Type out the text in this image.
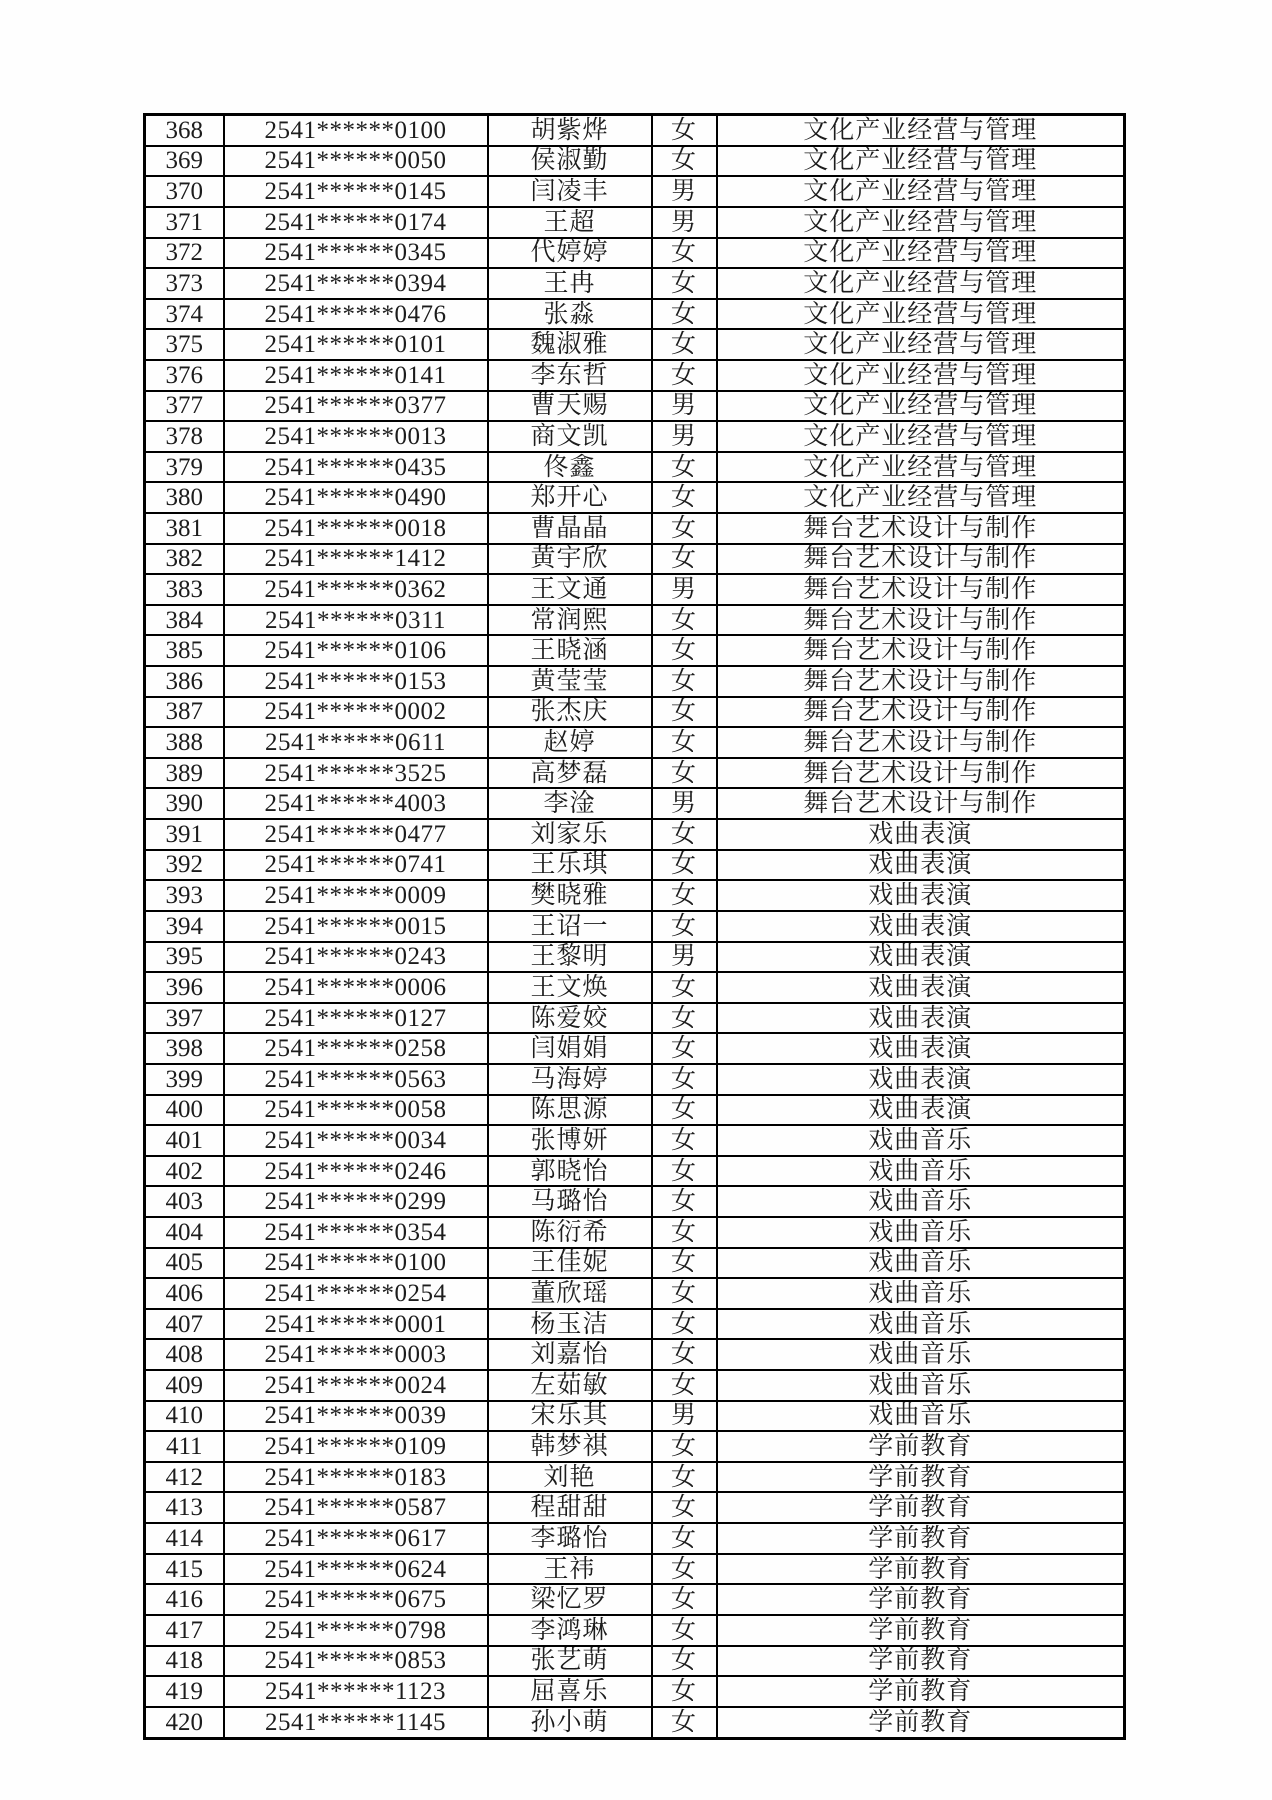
368	2541******0100	胡紫烨	女	文化产业经营与管理
369	2541******0050	侯淑勤	女	文化产业经营与管理
370	2541******0145	闫凌丰	男	文化产业经营与管理
371	2541******0174	王超	男	文化产业经营与管理
372	2541******0345	代婷婷	女	文化产业经营与管理
373	2541******0394	王冉	女	文化产业经营与管理
374	2541******0476	张淼	女	文化产业经营与管理
375	2541******0101	魏淑雅	女	文化产业经营与管理
376	2541******0141	李东哲	女	文化产业经营与管理
377	2541******0377	曹天赐	男	文化产业经营与管理
378	2541******0013	商文凯	男	文化产业经营与管理
379	2541******0435	佟鑫	女	文化产业经营与管理
380	2541******0490	郑开心	女	文化产业经营与管理
381	2541******0018	曹晶晶	女	舞台艺术设计与制作
382	2541******1412	黄宇欣	女	舞台艺术设计与制作
383	2541******0362	王文通	男	舞台艺术设计与制作
384	2541******0311	常润熙	女	舞台艺术设计与制作
385	2541******0106	王晓涵	女	舞台艺术设计与制作
386	2541******0153	黄莹莹	女	舞台艺术设计与制作
387	2541******0002	张杰庆	女	舞台艺术设计与制作
388	2541******0611	赵婷	女	舞台艺术设计与制作
389	2541******3525	高梦磊	女	舞台艺术设计与制作
390	2541******4003	李淦	男	舞台艺术设计与制作
391	2541******0477	刘家乐	女	戏曲表演
392	2541******0741	王乐琪	女	戏曲表演
393	2541******0009	樊晓雅	女	戏曲表演
394	2541******0015	王诏一	女	戏曲表演
395	2541******0243	王黎明	男	戏曲表演
396	2541******0006	王文焕	女	戏曲表演
397	2541******0127	陈爱姣	女	戏曲表演
398	2541******0258	闫娟娟	女	戏曲表演
399	2541******0563	马海婷	女	戏曲表演
400	2541******0058	陈思源	女	戏曲表演
401	2541******0034	张博妍	女	戏曲音乐
402	2541******0246	郭晓怡	女	戏曲音乐
403	2541******0299	马璐怡	女	戏曲音乐
404	2541******0354	陈衍希	女	戏曲音乐
405	2541******0100	王佳妮	女	戏曲音乐
406	2541******0254	董欣瑶	女	戏曲音乐
407	2541******0001	杨玉洁	女	戏曲音乐
408	2541******0003	刘嘉怡	女	戏曲音乐
409	2541******0024	左茹敏	女	戏曲音乐
410	2541******0039	宋乐其	男	戏曲音乐
411	2541******0109	韩梦祺	女	学前教育
412	2541******0183	刘艳	女	学前教育
413	2541******0587	程甜甜	女	学前教育
414	2541******0617	李璐怡	女	学前教育
415	2541******0624	王祎	女	学前教育
416	2541******0675	梁忆罗	女	学前教育
417	2541******0798	李鸿琳	女	学前教育
418	2541******0853	张艺萌	女	学前教育
419	2541******1123	屈喜乐	女	学前教育
420	2541******1145	孙小萌	女	学前教育
